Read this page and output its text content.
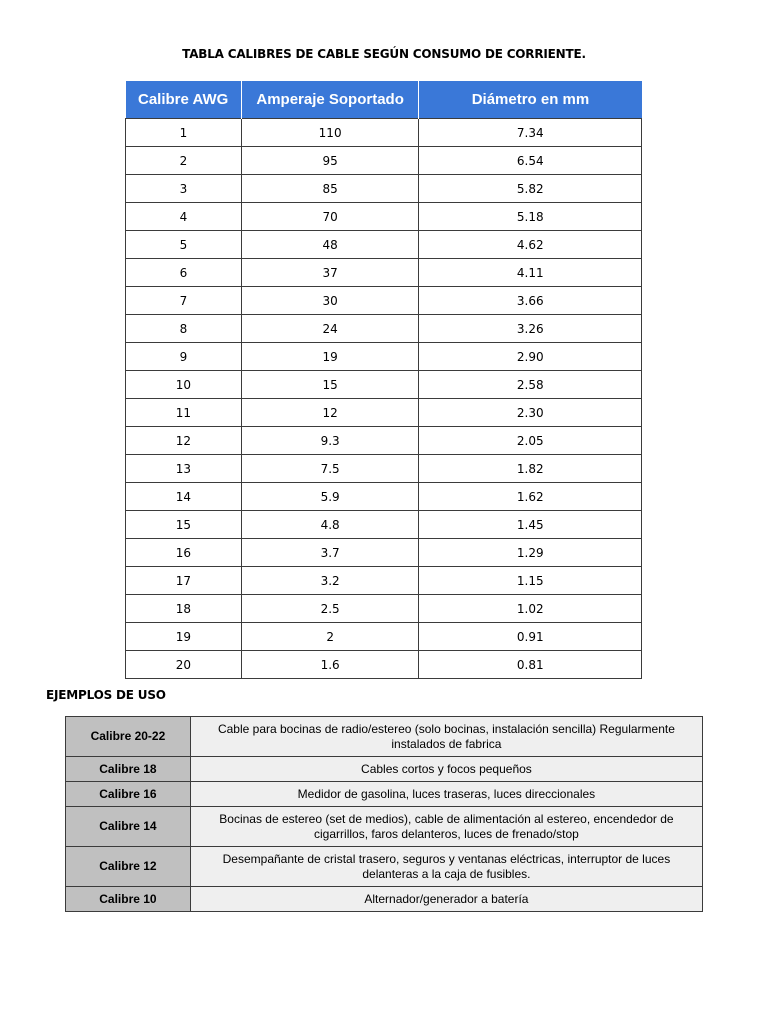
TABLA CALIBRES DE CABLE SEGÚN CONSUMO DE CORRIENTE.
Calibre AWG	Amperaje Soportado	Diámetro en mm
1	110	7.34
2	95	6.54
3	85	5.82
4	70	5.18
5	48	4.62
6	37	4.11
7	30	3.66
8	24	3.26
9	19	2.90
10	15	2.58
11	12	2.30
12	9.3	2.05
13	7.5	1.82
14	5.9	1.62
15	4.8	1.45
16	3.7	1.29
17	3.2	1.15
18	2.5	1.02
19	2	0.91
20	1.6	0.81
EJEMPLOS DE USO
Calibre 20-22	Cable para bocinas de radio/estereo (solo bocinas, instalación sencilla) Regularmente instalados de fabrica
Calibre 18	Cables cortos y focos pequeños
Calibre 16	Medidor de gasolina, luces traseras, luces direccionales
Calibre 14	Bocinas de estereo (set de medios), cable de alimentación al estereo, encendedor de cigarrillos, faros delanteros, luces de frenado/stop
Calibre 12	Desempañante de cristal trasero, seguros y ventanas eléctricas, interruptor de luces delanteras a la caja de fusibles.
Calibre 10	Alternador/generador a batería
